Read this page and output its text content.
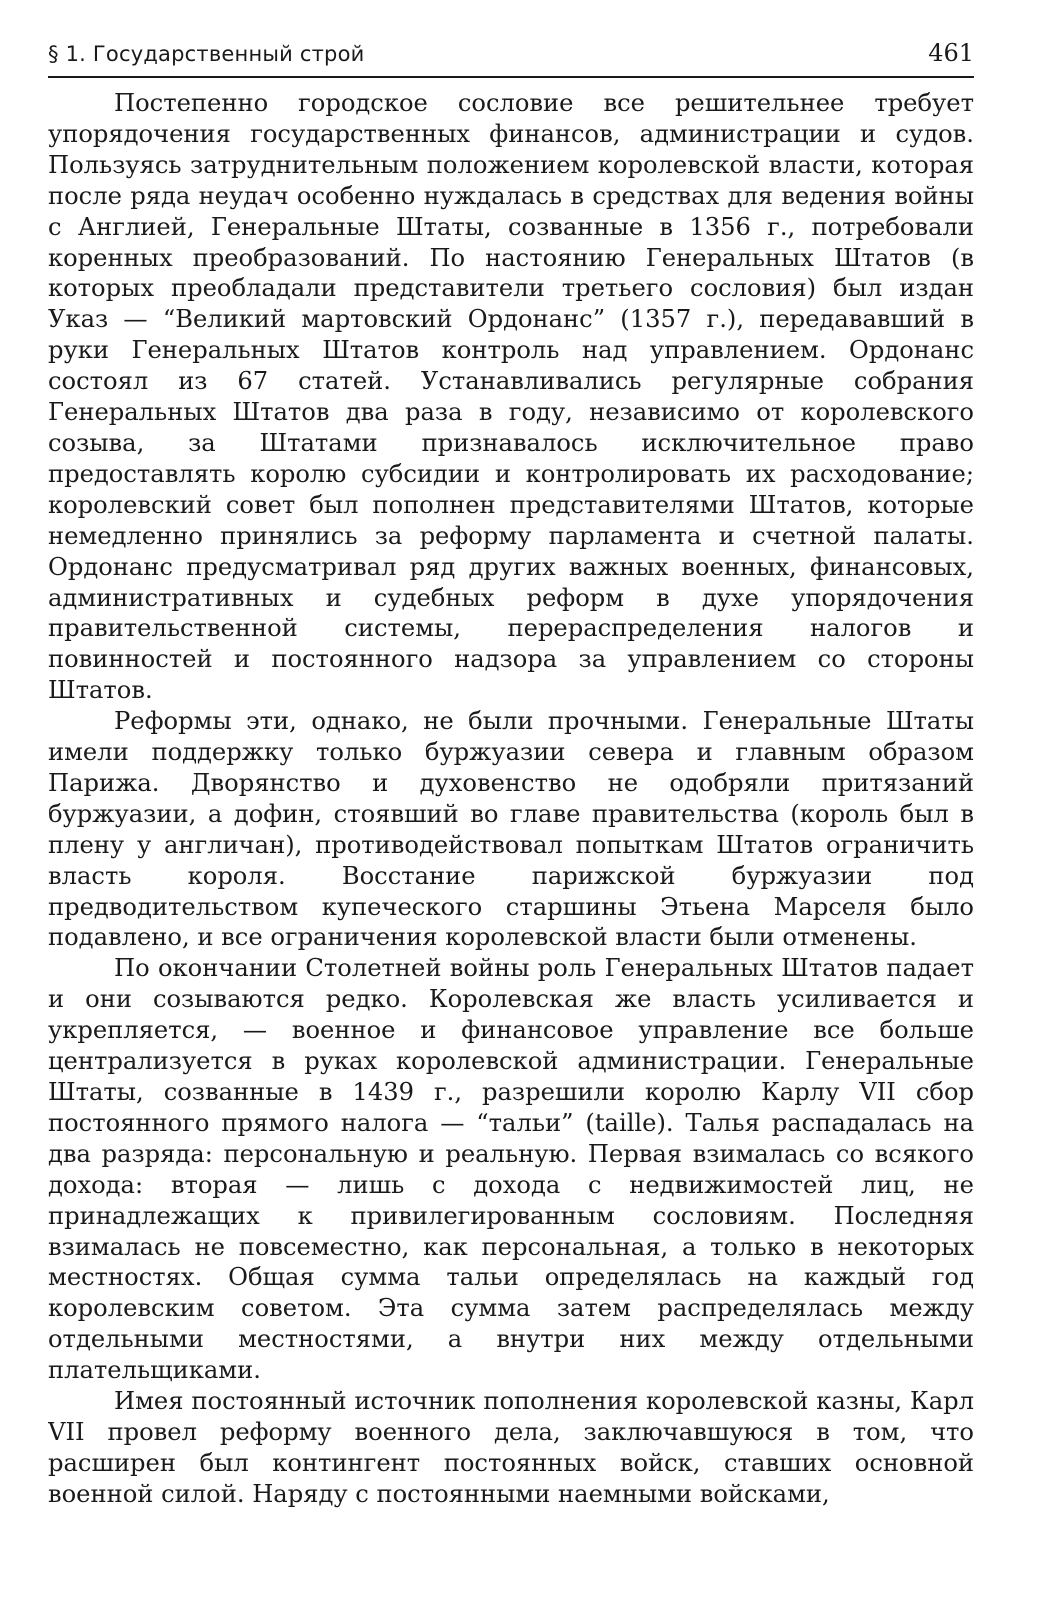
§ 1. Государственный строй	461

Постепенно городское сословие все решительнее требует упорядочения государственных финансов, администрации и судов. Пользуясь затруднительным положением королевской власти, которая после ряда неудач особенно нуждалась в средствах для ведения войны с Англией, Генеральные Штаты, созванные в 1356 г., потребовали коренных преобразований. По настоянию Генеральных Штатов (в которых преобладали представители третьего сословия) был издан Указ — “Великий мартовский Ордонанс” (1357 г.), передававший в руки Генеральных Штатов контроль над управлением. Ордонанс состоял из 67 статей. Устанавливались регулярные собрания Генеральных Штатов два раза в году, независимо от королевского созыва, за Штатами признавалось исключительное право предоставлять королю субсидии и контролировать их расходование; королевский совет был пополнен представителями Штатов, которые немедленно принялись за реформу парламента и счетной палаты. Ордонанс предусматривал ряд других важных военных, финансовых, административных и судебных реформ в духе упорядочения правительственной системы, перераспределения налогов и повинностей и постоянного надзора за управлением со стороны Штатов.

Реформы эти, однако, не были прочными. Генеральные Штаты имели поддержку только буржуазии севера и главным образом Парижа. Дворянство и духовенство не одобряли притязаний буржуазии, а дофин, стоявший во главе правительства (король был в плену у англичан), противодействовал попыткам Штатов ограничить власть короля. Восстание парижской буржуазии под предводительством купеческого старшины Этьена Марселя было подавлено, и все ограничения королевской власти были отменены.

По окончании Столетней войны роль Генеральных Штатов падает и они созываются редко. Королевская же власть усиливается и укрепляется, — военное и финансовое управление все больше централизуется в руках королевской администрации. Генеральные Штаты, созванные в 1439 г., разрешили королю Карлу VII сбор постоянного прямого налога — “тальи” (taille). Талья распадалась на два разряда: персональную и реальную. Первая взималась со всякого дохода: вторая — лишь с дохода с недвижимостей лиц, не принадлежащих к привилегированным сословиям. Последняя взималась не повсеместно, как персональная, а только в некоторых местностях. Общая сумма тальи определялась на каждый год королевским советом. Эта сумма затем распределялась между отдельными местностями, а внутри них между отдельными плательщиками.

Имея постоянный источник пополнения королевской казны, Карл VII провел реформу военного дела, заключавшуюся в том, что расширен был контингент постоянных войск, ставших основной военной силой. Наряду с постоянными наемными войсками,
